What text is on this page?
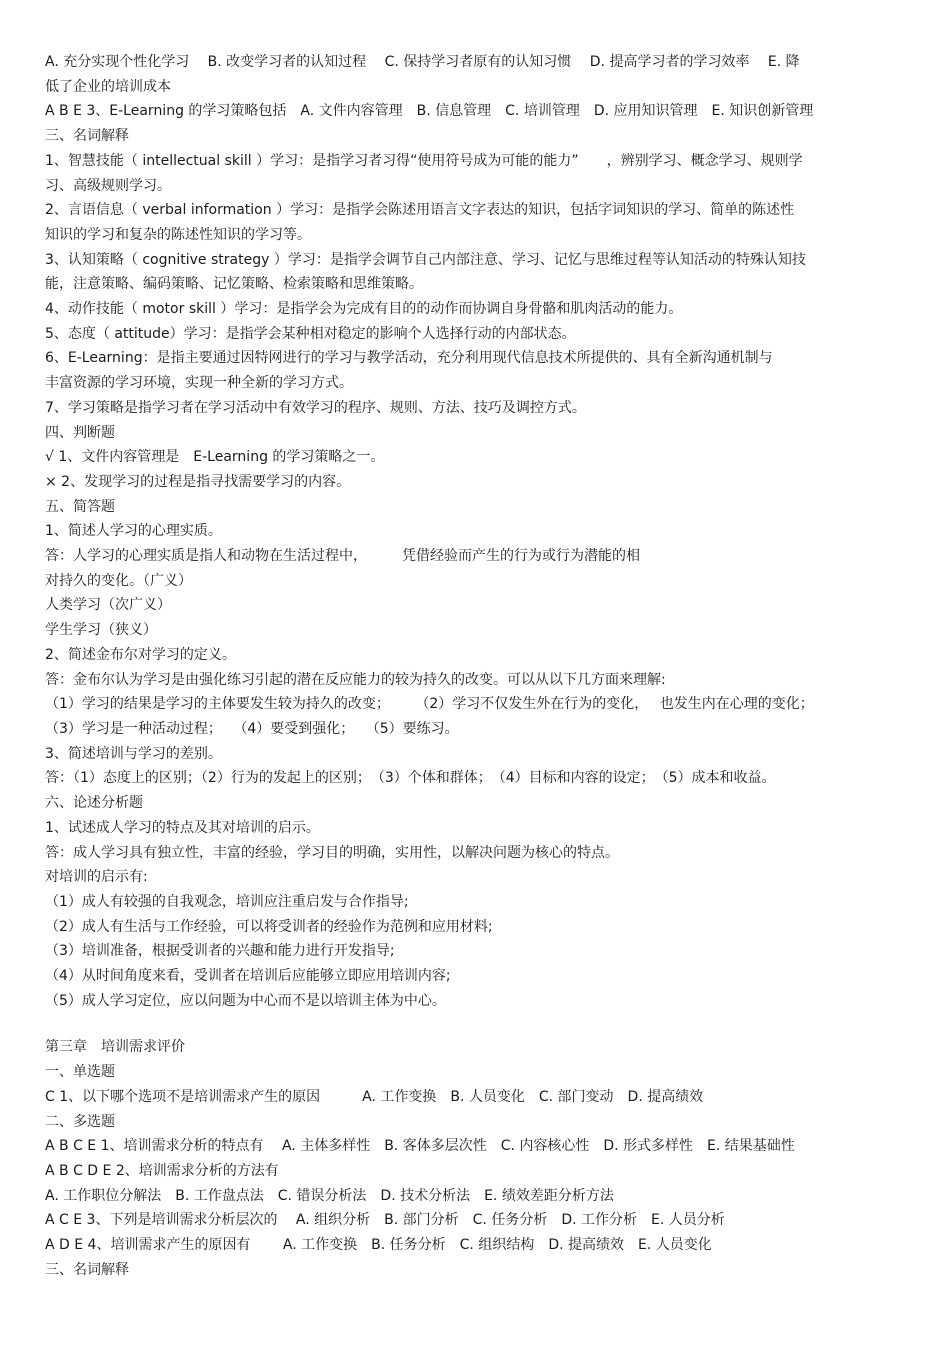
A. 充分实现个性化学习　 B. 改变学习者的认知过程　 C. 保持学习者原有的认知习惯　 D. 提高学习者的学习效率　 E. 降

低了企业的培训成本

A B E 3、E-Learning 的学习策略包括　A. 文件内容管理　B. 信息管理　C. 培训管理　D. 应用知识管理　E. 知识创新管理

三、名词解释

1、智慧技能（ intellectual skill ）学习：是指学习者习得“使用符号成为可能的能力”　　，辨别学习、概念学习、规则学

习、高级规则学习。

2、言语信息（ verbal information ）学习：是指学会陈述用语言文字表达的知识，包括字词知识的学习、简单的陈述性

知识的学习和复杂的陈述性知识的学习等。

3、认知策略（ cognitive strategy ）学习：是指学会调节自己内部注意、学习、记忆与思维过程等认知活动的特殊认知技

能，注意策略、编码策略、记忆策略、检索策略和思维策略。

4、动作技能（ motor skill ）学习：是指学会为完成有目的的动作而协调自身骨骼和肌肉活动的能力。

5、态度（ attitude）学习：是指学会某种相对稳定的影响个人选择行动的内部状态。

6、E-Learning：是指主要通过因特网进行的学习与教学活动，充分利用现代信息技术所提供的、具有全新沟通机制与

丰富资源的学习环境，实现一种全新的学习方式。

7、学习策略是指学习者在学习活动中有效学习的程序、规则、方法、技巧及调控方式。

四、判断题

√ 1、文件内容管理是　E-Learning 的学习策略之一。

× 2、发现学习的过程是指寻找需要学习的内容。

五、简答题

1、简述人学习的心理实质。

答：人学习的心理实质是指人和动物在生活过程中，　　　凭借经验而产生的行为或行为潜能的相

对持久的变化。（广义）

人类学习（次广义）

学生学习（狭义）

2、简述金布尔对学习的定义。

答：金布尔认为学习是由强化练习引起的潜在反应能力的较为持久的改变。可以从以下几方面来理解:

（1）学习的结果是学习的主体要发生较为持久的改变；　　 （2）学习不仅发生外在行为的变化，　 也发生内在心理的变化；

（3）学习是一种活动过程；　 （4）要受到强化；　 （5）要练习。

3、简述培训与学习的差别。

答：（1）态度上的区别；（2）行为的发起上的区别；　（3）个体和群体；　（4）目标和内容的设定；　（5）成本和收益。

六、论述分析题

1、试述成人学习的特点及其对培训的启示。

答：成人学习具有独立性，丰富的经验，学习目的明确，实用性，以解决问题为核心的特点。

对培训的启示有:

（1）成人有较强的自我观念，培训应注重启发与合作指导;

（2）成人有生活与工作经验，可以将受训者的经验作为范例和应用材料;

（3）培训准备，根据受训者的兴趣和能力进行开发指导;

（4）从时间角度来看，受训者在培训后应能够立即应用培训内容;

（5）成人学习定位，应以问题为中心而不是以培训主体为中心。

第三章　培训需求评价

一、单选题

C 1、以下哪个选项不是培训需求产生的原因　　　A. 工作变换　B. 人员变化　C. 部门变动　D. 提高绩效

二、多选题

A B C E 1、培训需求分析的特点有　 A. 主体多样性　B. 客体多层次性　C. 内容核心性　D. 形式多样性　E. 结果基础性

A B C D E 2、培训需求分析的方法有

A. 工作职位分解法　B. 工作盘点法　C. 错误分析法　D. 技术分析法　E. 绩效差距分析方法

A C E 3、下列是培训需求分析层次的　 A. 组织分析　B. 部门分析　C. 任务分析　D. 工作分析　E. 人员分析

A D E 4、培训需求产生的原因有　　 A. 工作变换　B. 任务分析　C. 组织结构　D. 提高绩效　E. 人员变化

三、名词解释
